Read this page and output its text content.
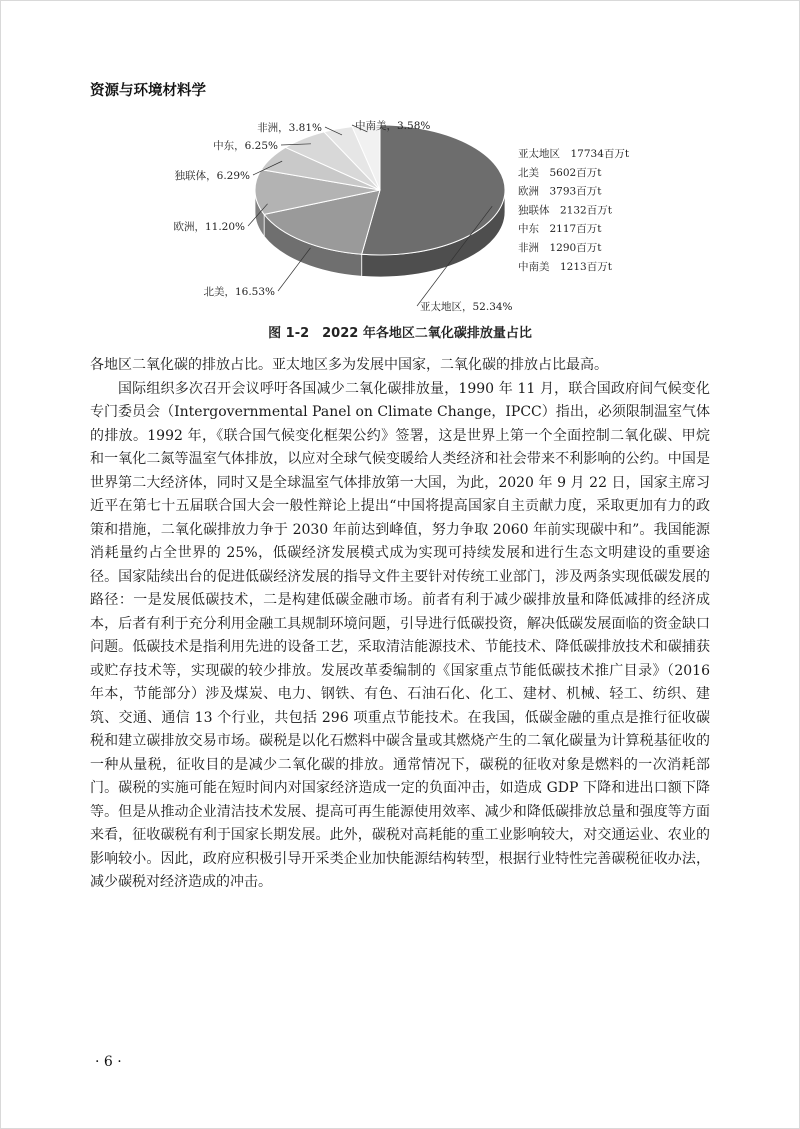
资源与环境材料学
亚太地区，52.34%
北美，16.53%
欧洲，11.20%
独联体，6.29%
中东，6.25%
非洲，3.81%	中南美，3.58%
亚太地区　17734百万t
北美　5602百万t
欧洲　3793百万t
独联体　2132百万t
中东　2117百万t
非洲　1290百万t
中南美　1213百万t
图 1-2　2022 年各地区二氧化碳排放量占比

各地区二氧化碳的排放占比。亚太地区多为发展中国家，二氧化碳的排放占比最高。

国际组织多次召开会议呼吁各国减少二氧化碳排放量，1990 年 11 月，联合国政府间气候变化专门委员会（Intergovernmental Panel on Climate Change，IPCC）指出，必须限制温室气体的排放。1992 年，《联合国气候变化框架公约》签署，这是世界上第一个全面控制二氧化碳、甲烷和一氧化二氮等温室气体排放，以应对全球气候变暖给人类经济和社会带来不利影响的公约。中国是世界第二大经济体，同时又是全球温室气体排放第一大国，为此，2020 年 9 月 22 日，国家主席习近平在第七十五届联合国大会一般性辩论上提出“中国将提高国家自主贡献力度，采取更加有力的政策和措施，二氧化碳排放力争于 2030 年前达到峰值，努力争取 2060 年前实现碳中和”。我国能源消耗量约占全世界的 25%，低碳经济发展模式成为实现可持续发展和进行生态文明建设的重要途径。国家陆续出台的促进低碳经济发展的指导文件主要针对传统工业部门，涉及两条实现低碳发展的路径：一是发展低碳技术，二是构建低碳金融市场。前者有利于减少碳排放量和降低减排的经济成本，后者有利于充分利用金融工具规制环境问题，引导进行低碳投资，解决低碳发展面临的资金缺口问题。低碳技术是指利用先进的设备工艺，采取清洁能源技术、节能技术、降低碳排放技术和碳捕获或贮存技术等，实现碳的较少排放。发展改革委编制的《国家重点节能低碳技术推广目录》（2016 年本，节能部分）涉及煤炭、电力、钢铁、有色、石油石化、化工、建材、机械、轻工、纺织、建筑、交通、通信 13 个行业，共包括 296 项重点节能技术。在我国，低碳金融的重点是推行征收碳税和建立碳排放交易市场。碳税是以化石燃料中碳含量或其燃烧产生的二氧化碳量为计算税基征收的一种从量税，征收目的是减少二氧化碳的排放。通常情况下，碳税的征收对象是燃料的一次消耗部门。碳税的实施可能在短时间内对国家经济造成一定的负面冲击，如造成 GDP 下降和进出口额下降等。但是从推动企业清洁技术发展、提高可再生能源使用效率、减少和降低碳排放总量和强度等方面来看，征收碳税有利于国家长期发展。此外，碳税对高耗能的重工业影响较大，对交通运业、农业的影响较小。因此，政府应积极引导开采类企业加快能源结构转型，根据行业特性完善碳税征收办法，减少碳税对经济造成的冲击。

· 6 ·
